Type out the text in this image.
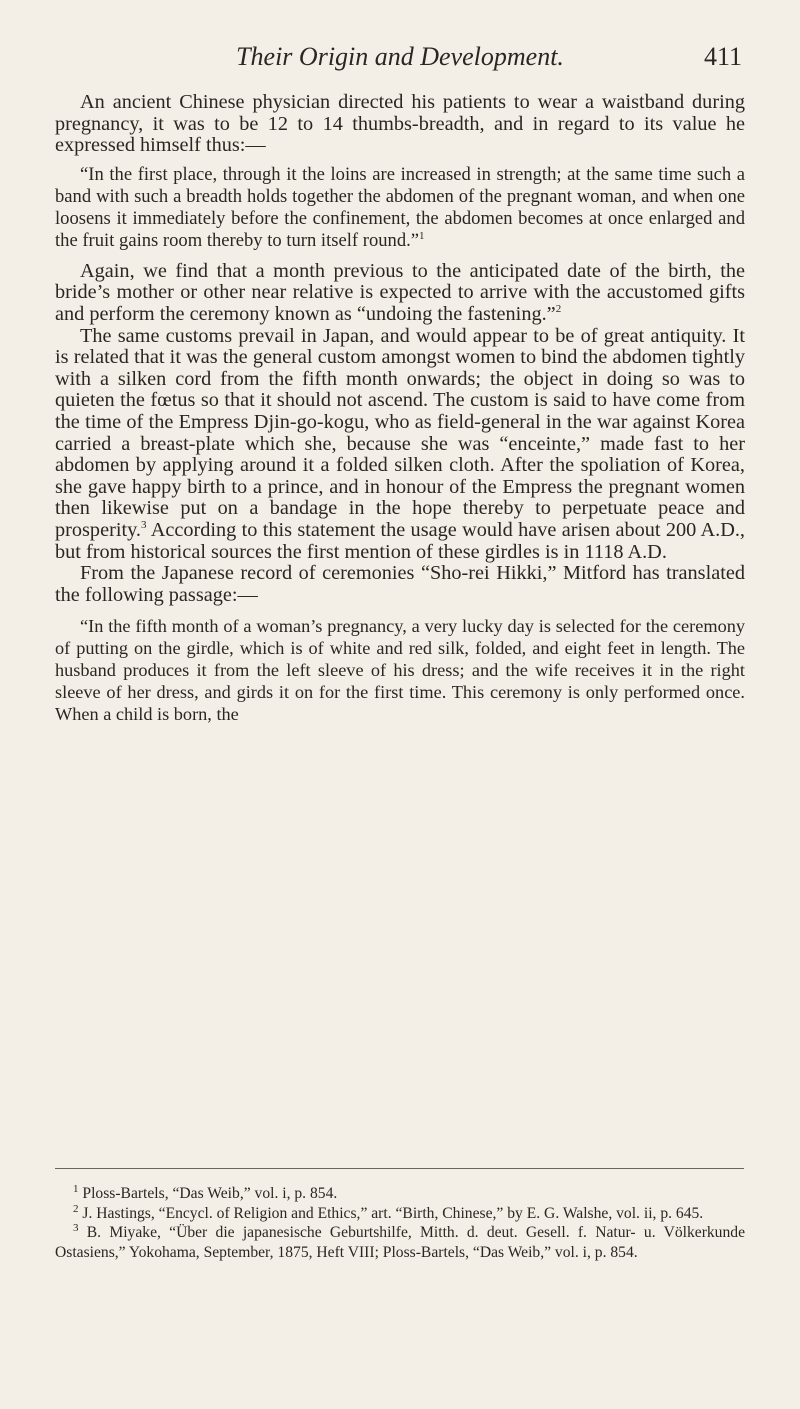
Their Origin and Development.	411

An ancient Chinese physician directed his patients to wear a waistband during pregnancy, it was to be 12 to 14 thumbs-breadth, and in regard to its value he expressed himself thus:—

“In the first place, through it the loins are increased in strength; at the same time such a band with such a breadth holds together the abdomen of the pregnant woman, and when one loosens it immediately before the confinement, the abdomen becomes at once enlarged and the fruit gains room thereby to turn itself round.”$^1$

Again, we find that a month previous to the anticipated date of the birth, the bride’s mother or other near relative is expected to arrive with the accustomed gifts and perform the ceremony known as “undoing the fastening.”$^2$

The same customs prevail in Japan, and would appear to be of great antiquity. It is related that it was the general custom amongst women to bind the abdomen tightly with a silken cord from the fifth month onwards; the object in doing so was to quieten the fœtus so that it should not ascend. The custom is said to have come from the time of the Empress Djin-go-kogu, who as field-general in the war against Korea carried a breast-plate which she, because she was “enceinte,” made fast to her abdomen by applying around it a folded silken cloth. After the spoliation of Korea, she gave happy birth to a prince, and in honour of the Empress the pregnant women then likewise put on a bandage in the hope thereby to perpetuate peace and prosperity.$^3$ According to this statement the usage would have arisen about 200 A.D., but from historical sources the first mention of these girdles is in 1118 A.D.

From the Japanese record of ceremonies “Sho-rei Hikki,” Mitford has translated the following passage:—

“In the fifth month of a woman’s pregnancy, a very lucky day is selected for the ceremony of putting on the girdle, which is of white and red silk, folded, and eight feet in length. The husband produces it from the left sleeve of his dress; and the wife receives it in the right sleeve of her dress, and girds it on for the first time. This ceremony is only performed once. When a child is born, the

$^1$ Ploss-Bartels, “Das Weib,” vol. i, p. 854.

$^2$ J. Hastings, “Encycl. of Religion and Ethics,” art. “Birth, Chinese,” by E. G. Walshe, vol. ii, p. 645.

$^3$ B. Miyake, “Über die japanesische Geburtshilfe, Mitth. d. deut. Gesell. f. Natur- u. Völkerkunde Ostasiens,” Yokohama, September, 1875, Heft VIII; Ploss-Bartels, “Das Weib,” vol. i, p. 854.
